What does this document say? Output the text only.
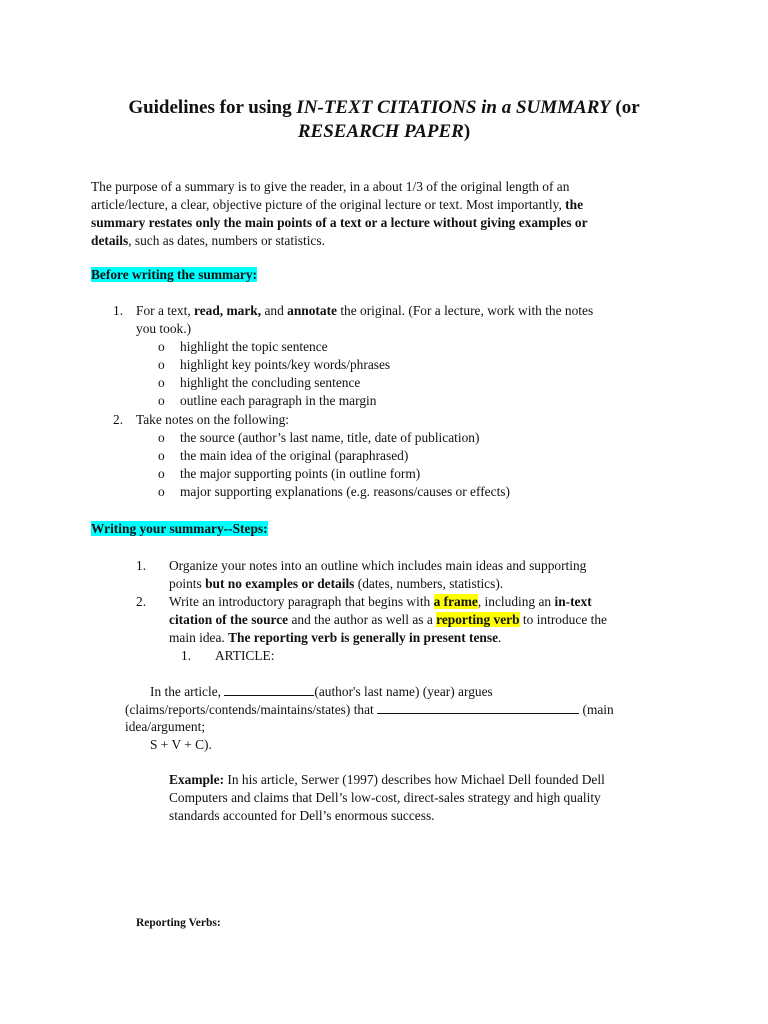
Guidelines for using IN-TEXT CITATIONS in a SUMMARY (or
RESEARCH PAPER)
The purpose of a summary is to give the reader, in a about 1/3 of the original length of an
article/lecture, a clear, objective picture of the original lecture or text. Most importantly, the
summary restates only the main points of a text or a lecture without giving examples or
details, such as dates, numbers or statistics.
Before writing the summary:
1. For a text, read, mark, and annotate the original. (For a lecture, work with the notes
you took.)
o	highlight the topic sentence
o	highlight key points/key words/phrases
o	highlight the concluding sentence
o	outline each paragraph in the margin
2. Take notes on the following:
o	the source (author’s last name, title, date of publication)
o	the main idea of the original (paraphrased)
o	the major supporting points (in outline form)
o	major supporting explanations (e.g. reasons/causes or effects)
Writing your summary--Steps:
1. Organize your notes into an outline which includes main ideas and supporting
points but no examples or details (dates, numbers, statistics).
2. Write an introductory paragraph that begins with a frame, including an in-text
citation of the source and the author as well as a reporting verb to introduce the
main idea. The reporting verb is generally in present tense.
1. ARTICLE:
In the article,	(author's last name) (year) argues
(claims/reports/contends/maintains/states) that	(main
idea/argument;
S + V + C).
Example: In his article, Serwer (1997) describes how Michael Dell founded Dell
Computers and claims that Dell’s low-cost, direct-sales strategy and high quality
standards accounted for Dell’s enormous success.
Reporting Verbs:
